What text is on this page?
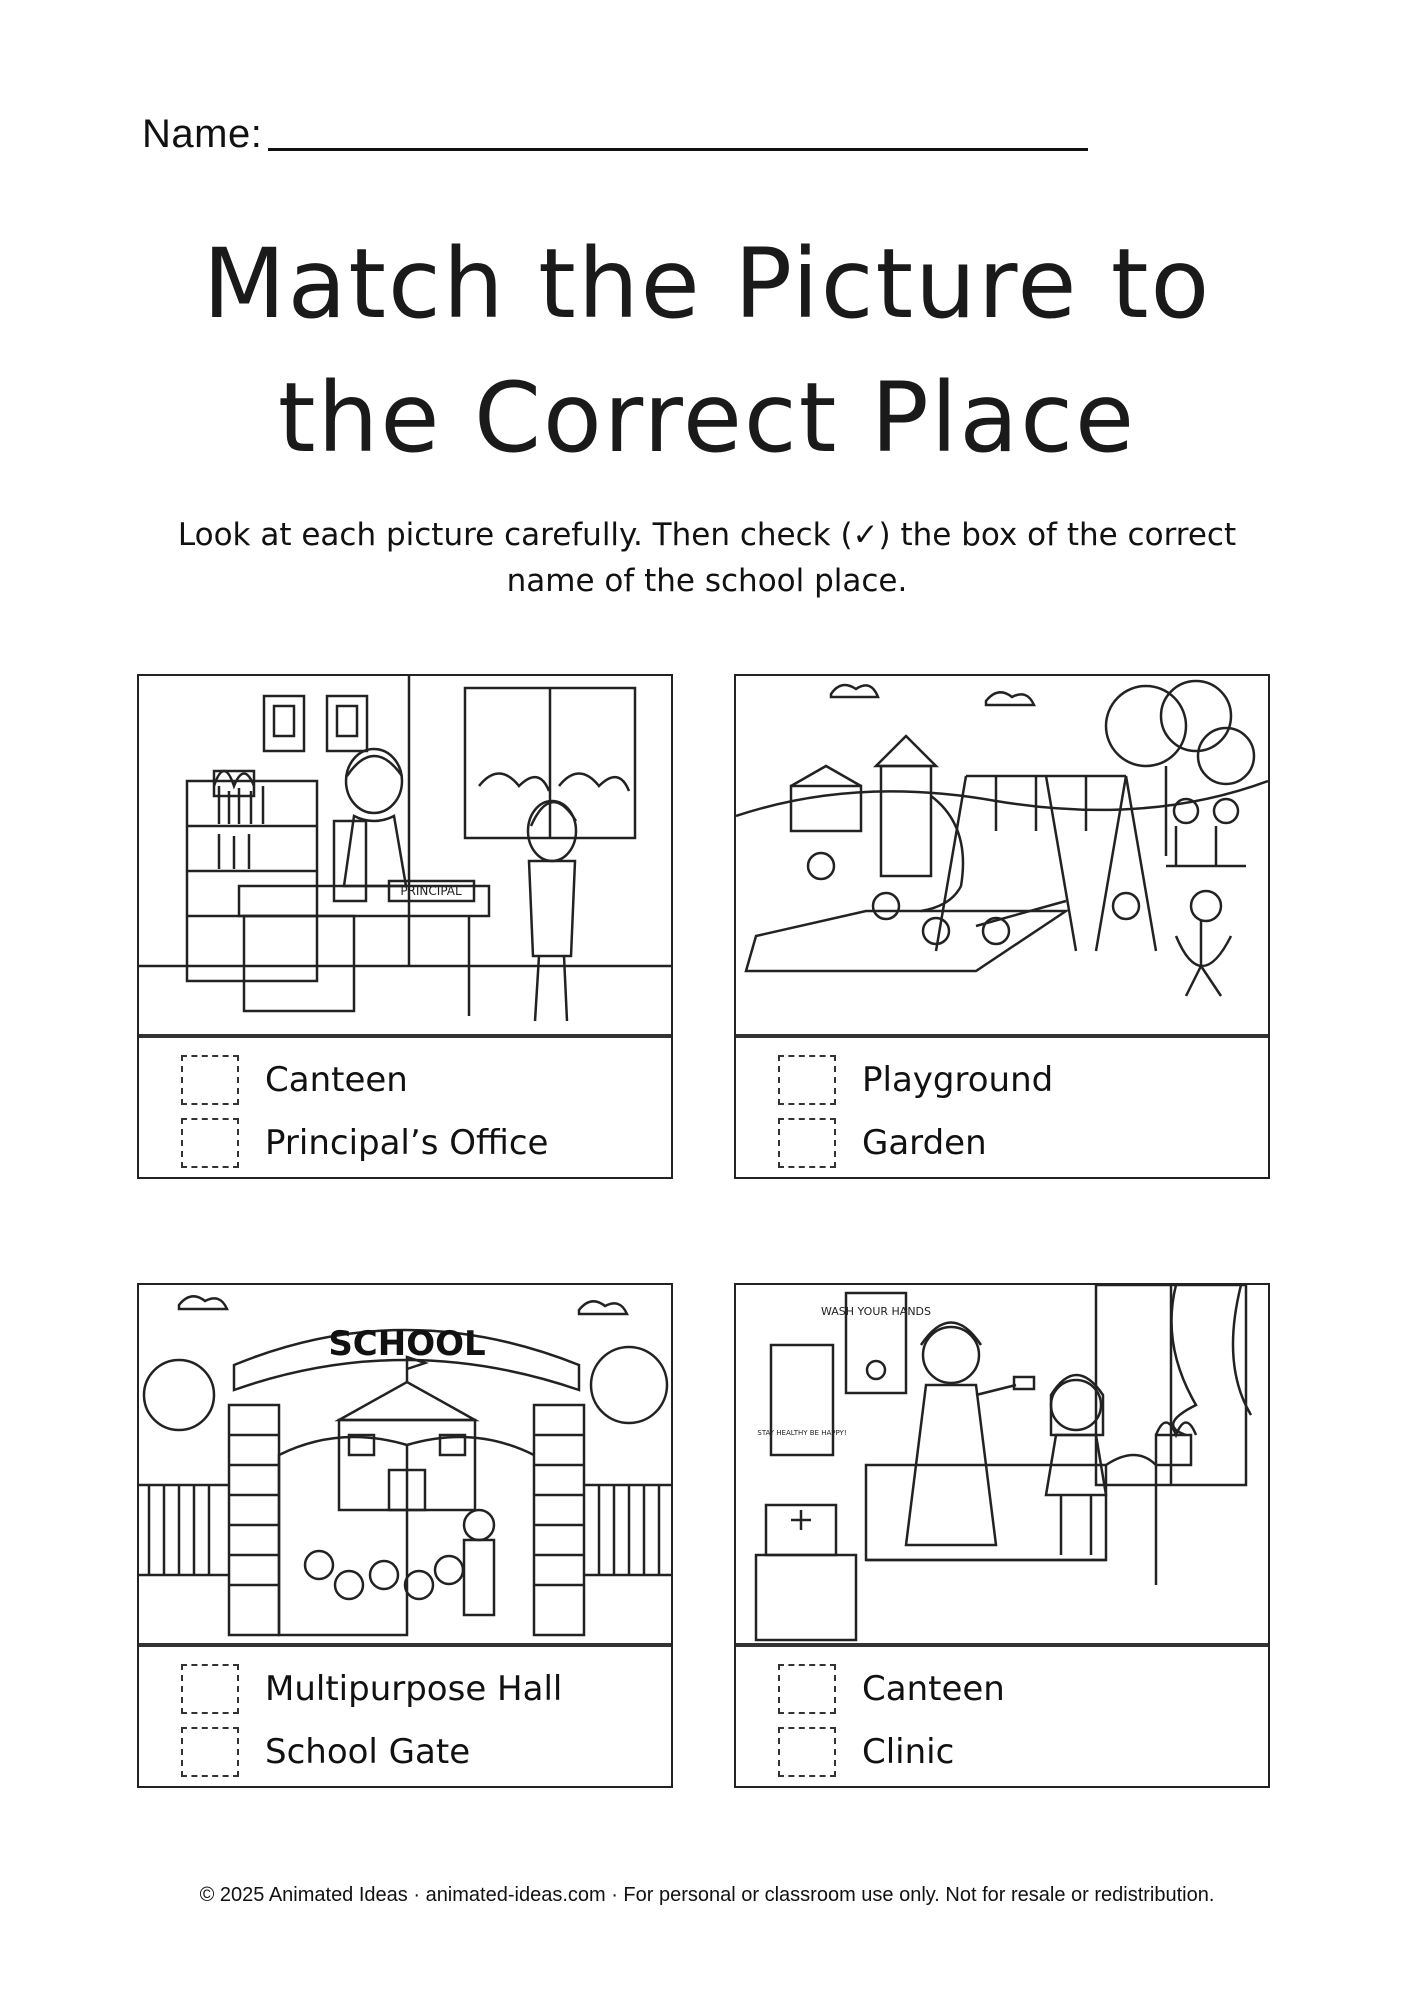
Name:
Match the Picture to
the Correct Place
Look at each picture carefully. Then check (✓) the box of the correct name of the school place.
PRINCIPAL
Canteen
Principal’s Office
Playground
Garden
SCHOOL
Multipurpose Hall
School Gate
WASH YOUR HANDS
STAY HEALTHY BE HAPPY!
Canteen
Clinic
© 2025 Animated Ideas · animated-ideas.com · For personal or classroom use only. Not for resale or redistribution.
